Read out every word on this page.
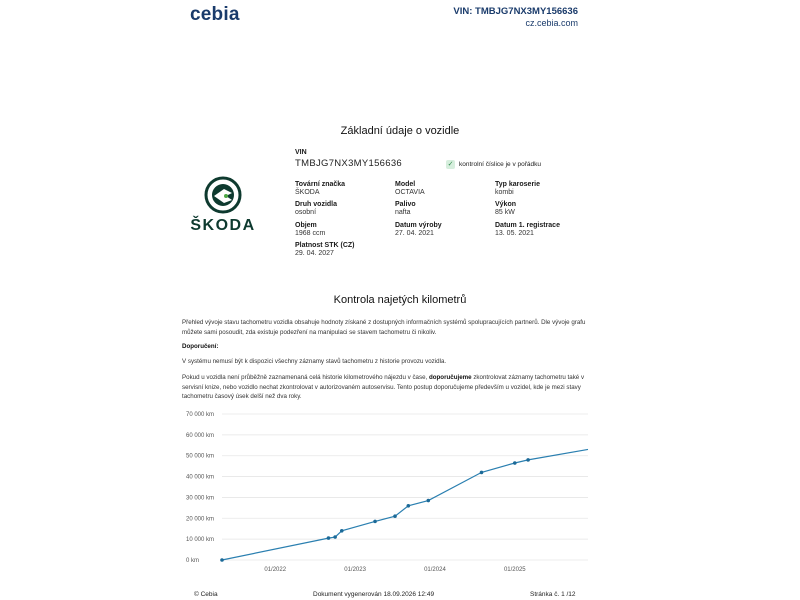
cebia	VIN: TMBJG7NX3MY156636
cz.cebia.com
Základní údaje o vozidle
ŠKODA
VIN
TMBJG7NX3MY156636	✓ kontrolní číslice je v pořádku
Tovární značka
ŠKODA
Model
OCTAVIA
Typ karoserie
kombi
Druh vozidla
osobní
Palivo
nafta
Výkon
85 kW
Objem
1968 ccm
Datum výroby
27. 04. 2021
Datum 1. registrace
13. 05. 2021
Platnost STK (CZ)
29. 04. 2027
Kontrola najetých kilometrů
Přehled vývoje stavu tachometru vozidla obsahuje hodnoty získané z dostupných informačních systémů spolupracujících partnerů. Dle vývoje grafu můžete sami posoudit, zda existuje podezření na manipulaci se stavem tachometru či nikoliv.
Doporučení:
V systému nemusí být k dispozici všechny záznamy stavů tachometru z historie provozu vozidla.
Pokud u vozidla není průběžně zaznamenaná celá historie kilometrového nájezdu v čase, doporučujeme zkontrolovat záznamy tachometru také v servisní knize, nebo vozidlo nechat zkontrolovat v autorizovaném autoservisu. Tento postup doporučujeme především u vozidel, kde je mezi stavy tachometru časový úsek delší než dva roky.
0 km
10 000 km
20 000 km
30 000 km
40 000 km
50 000 km
60 000 km
70 000 km
01/2022	01/2023	01/2024	01/2025
© Cebia	Dokument vygenerován 18.09.2026 12:49	Stránka č. 1 /12
